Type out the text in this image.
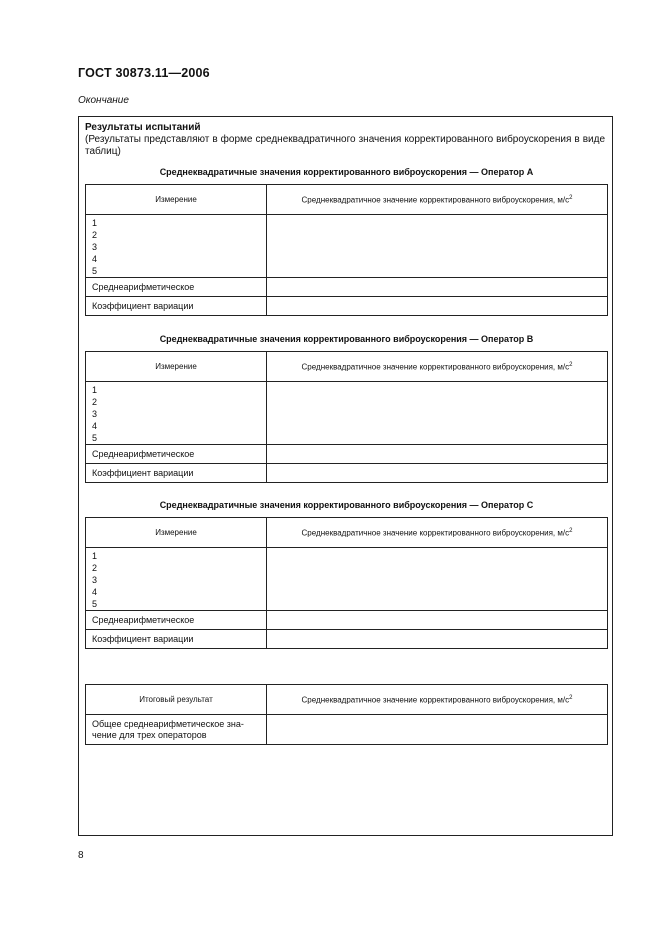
ГОСТ 30873.11—2006
Окончание
Результаты испытаний
(Результаты представляют в форме среднеквадратичного значения корректированного виброускорения в виде таблиц)
Среднеквадратичные значения корректированного виброускорения — Оператор А
Измерение	Среднеквадратичное значение корректированного виброускорения, $м/с^2$

1
2
3
4
5	

Среднеарифметическое	
Коэффициент вариации	
Среднеквадратичные значения корректированного виброускорения — Оператор В
Измерение	Среднеквадратичное значение корректированного виброускорения, $м/с^2$

1
2
3
4
5	

Среднеарифметическое	
Коэффициент вариации	
Среднеквадратичные значения корректированного виброускорения — Оператор С
Измерение	Среднеквадратичное значение корректированного виброускорения, $м/с^2$

1
2
3
4
5	

Среднеарифметическое	
Коэффициент вариации	
Итоговый результат	Среднеквадратичное значение корректированного виброускорения, $м/с^2$

Общее среднеарифметическое зна-
чение для трех операторов	

8
